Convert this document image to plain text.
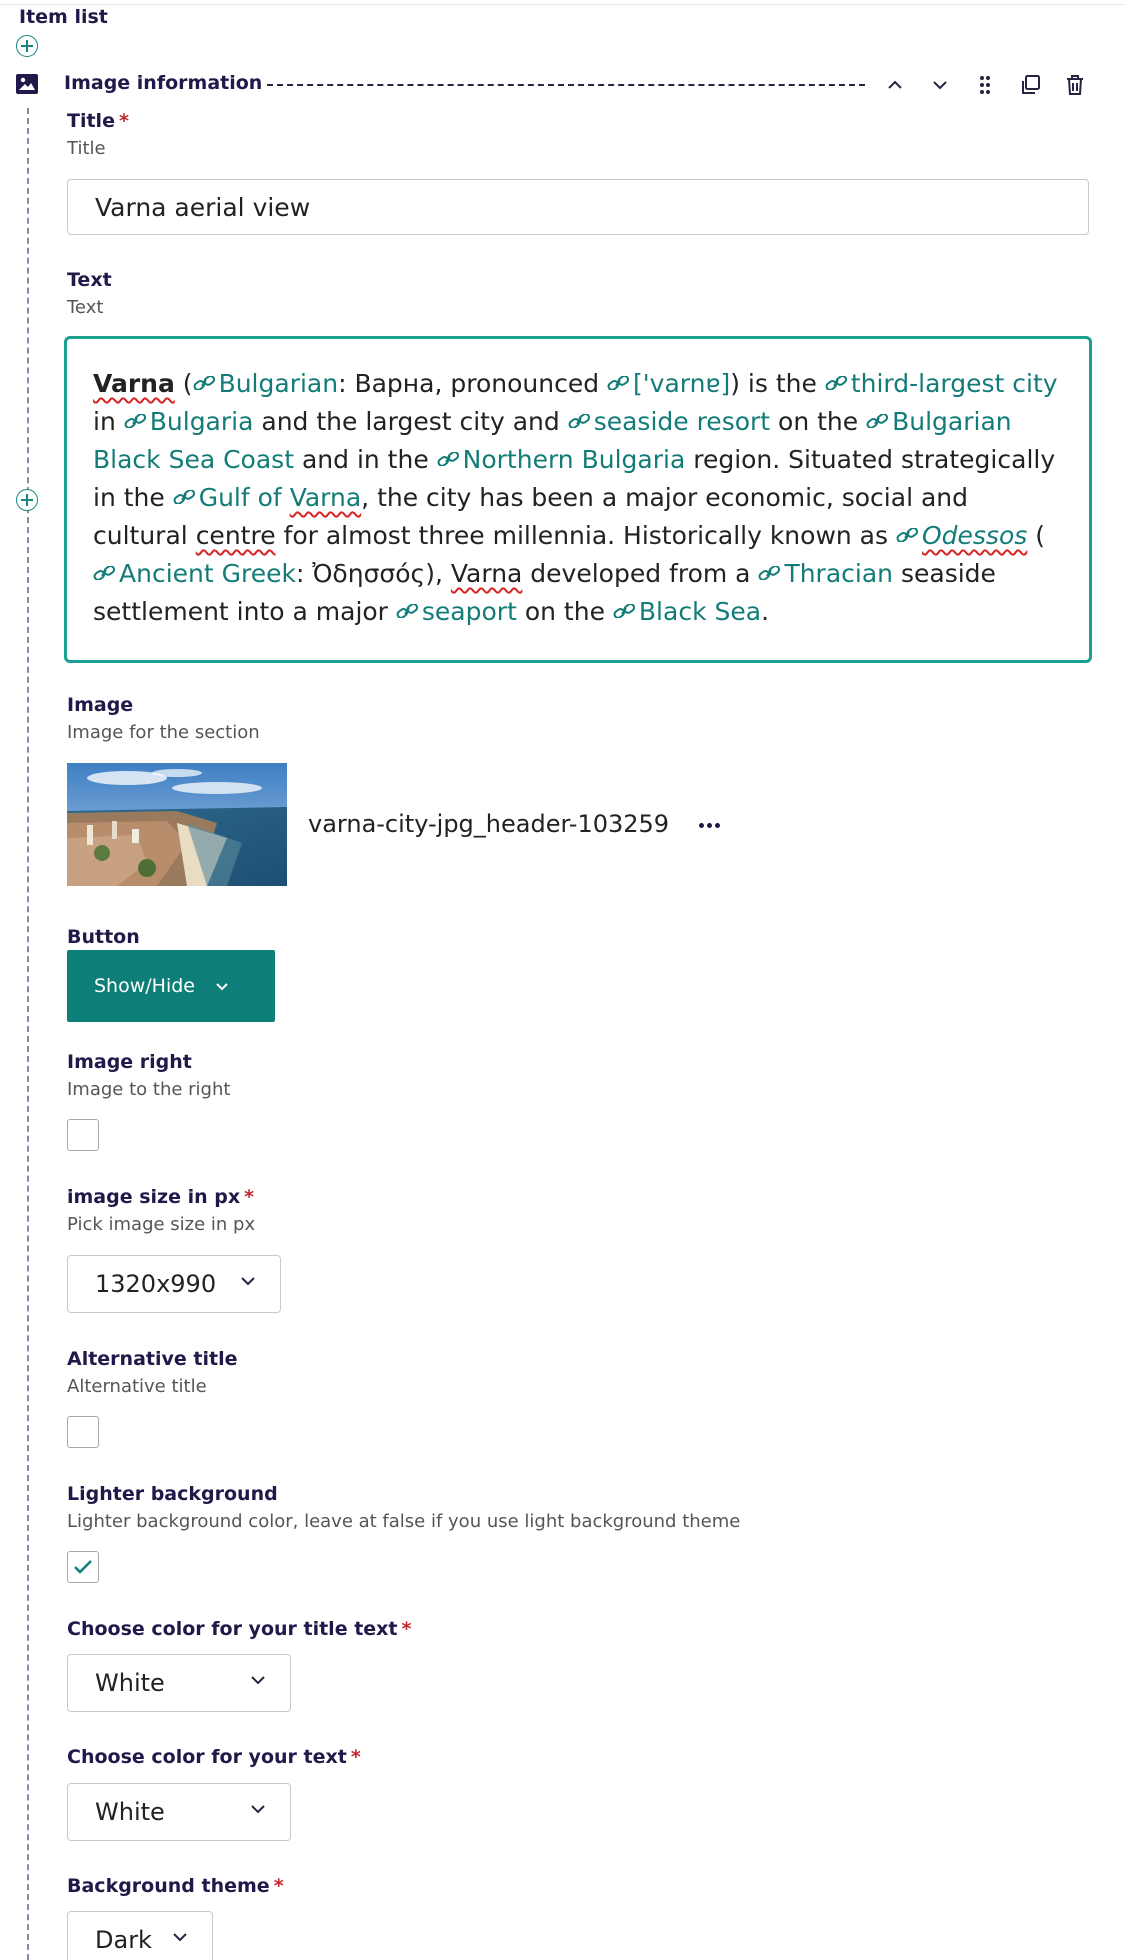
Item list
Image information
Title *
Title
Varna aerial view
Text
Text
Varna ( Bulgarian: Варна, pronounced ['varnɐ]) is the third-largest city in Bulgaria and the largest city and seaside resort on the Bulgarian Black Sea Coast and in the Northern Bulgaria region. Situated strategically in the Gulf of Varna, the city has been a major economic, social and cultural centre for almost three millennia. Historically known as Odessos (Ancient Greek: Ὀδησσός), Varna developed from a Thracian seaside settlement into a major seaport on the Black Sea.
Image
Image for the section
varna-city-jpg_header-103259
Button
Show/Hide
Image right
Image to the right
image size in px *
Pick image size in px
1320x990
Alternative title
Alternative title
Lighter background
Lighter background color, leave at false if you use light background theme
Choose color for your title text *
White
Choose color for your text *
White
Background theme *
Dark
